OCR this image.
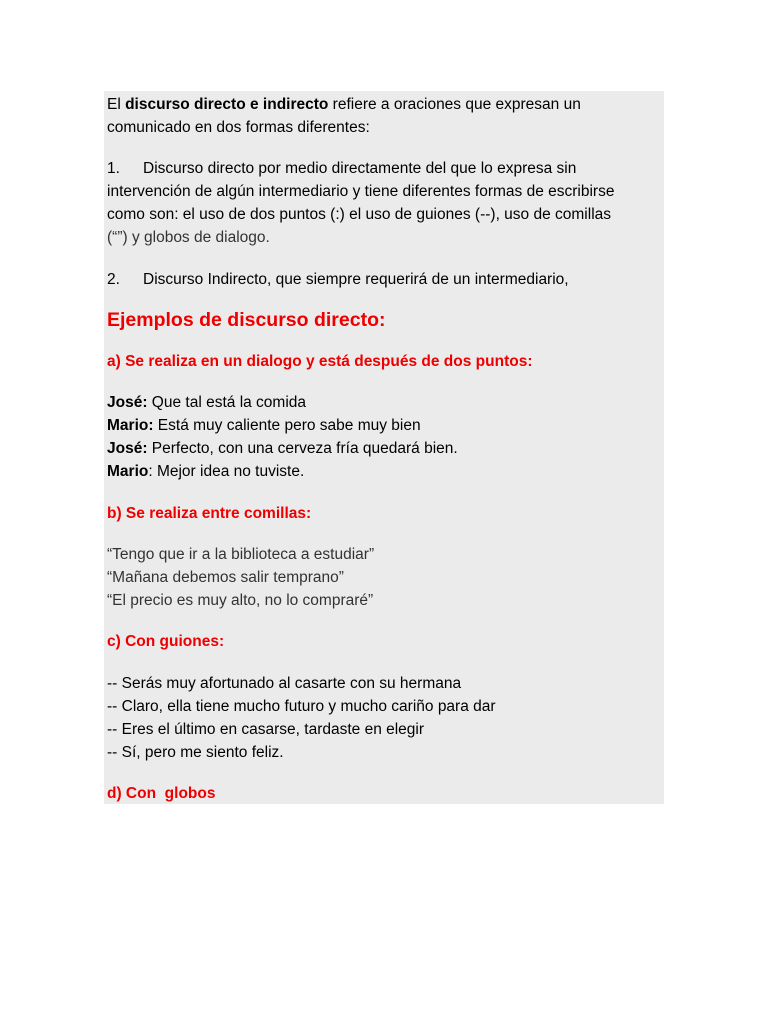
El discurso directo e indirecto refiere a oraciones que expresan un

comunicado en dos formas diferentes:

1. Discurso directo por medio directamente del que lo expresa sin

intervención de algún intermediario y tiene diferentes formas de escribirse

como son: el uso de dos puntos (:) el uso de guiones (--), uso de comillas

(“”) y globos de dialogo.

2. Discurso Indirecto, que siempre requerirá de un intermediario,

Ejemplos de discurso directo:
a) Se realiza en un dialogo y está después de dos puntos:

José: Que tal está la comida

Mario: Está muy caliente pero sabe muy bien

José: Perfecto, con una cerveza fría quedará bien.

Mario: Mejor idea no tuviste.

b) Se realiza entre comillas:

“Tengo que ir a la biblioteca a estudiar”

“Mañana debemos salir temprano”

“El precio es muy alto, no lo compraré”

c) Con guiones:

-- Serás muy afortunado al casarte con su hermana

-- Claro, ella tiene mucho futuro y mucho cariño para dar

-- Eres el último en casarse, tardaste en elegir

-- Sí, pero me siento feliz.

d) Con  globos
